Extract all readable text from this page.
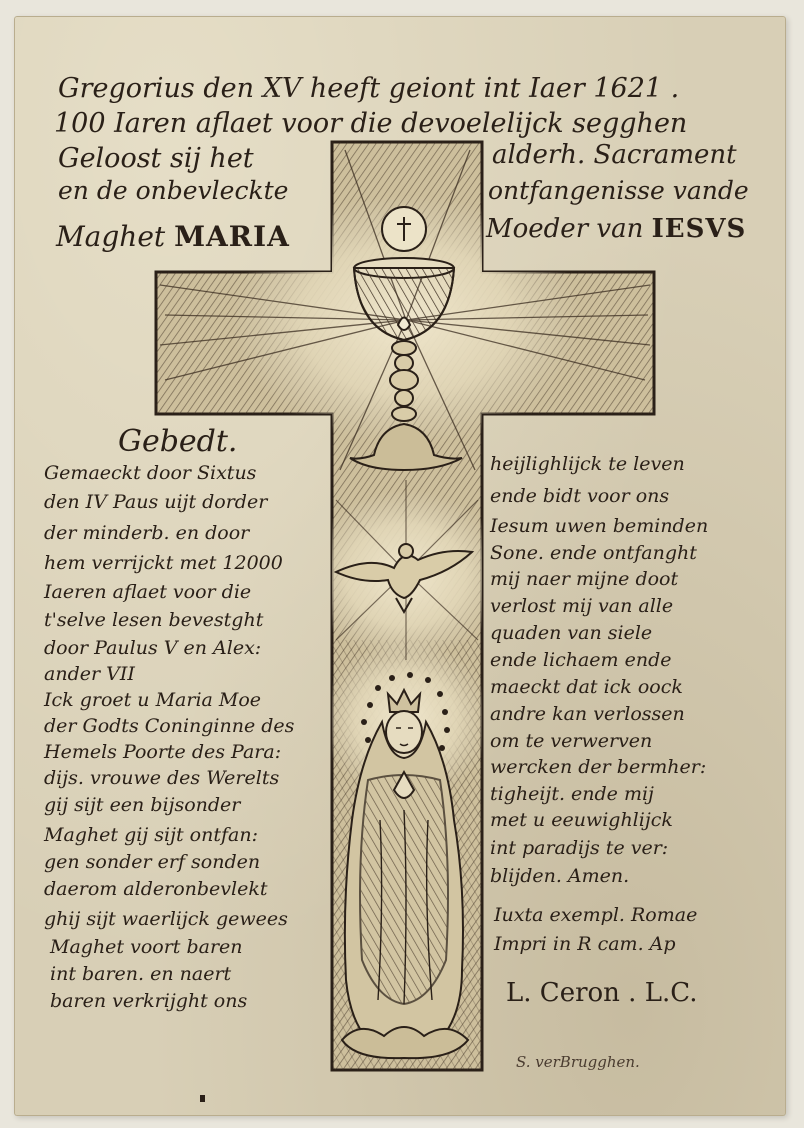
Gregorius den XV heeft geiont int Iaer 1621 .
100 Iaren aflaet voor die devoelelijck segghen
Geloost sij het	alderh. Sacrament
en de onbevleckte	ontfangenisse vande
Maghet MARIA	Moeder van IESVS
Gebedt.
Gemaeckt door Sixtus
den IV Paus uijt dorder
der minderb. en door
hem verrijckt met 12000
Iaeren aflaet voor die
t'selve lesen bevestght
door Paulus V en Alex:
ander VII
Ick groet u Maria Moe
der Godts Coninginne des
Hemels Poorte des Para:
dijs. vrouwe des Werelts
gij sijt een bijsonder
Maghet gij sijt ontfan:
gen sonder erf sonden
daerom alderonbevlekt
ghij sijt waerlijck gewees
Maghet voort baren
int baren. en naert
baren verkrijght ons
heijlighlijck te leven
ende bidt voor ons
Iesum uwen beminden
Sone. ende ontfanght
mij naer mijne doot
verlost mij van alle
quaden van siele
ende lichaem ende
maeckt dat ick oock
andre kan verlossen
om te verwerven
wercken der bermher:
tigheijt. ende mij
met u eeuwighlijck
int paradijs te ver:
blijden. Amen.
Iuxta exempl. Romae
Impri in R cam. Ap
L. Ceron . L.C.
S. verBrugghen.
